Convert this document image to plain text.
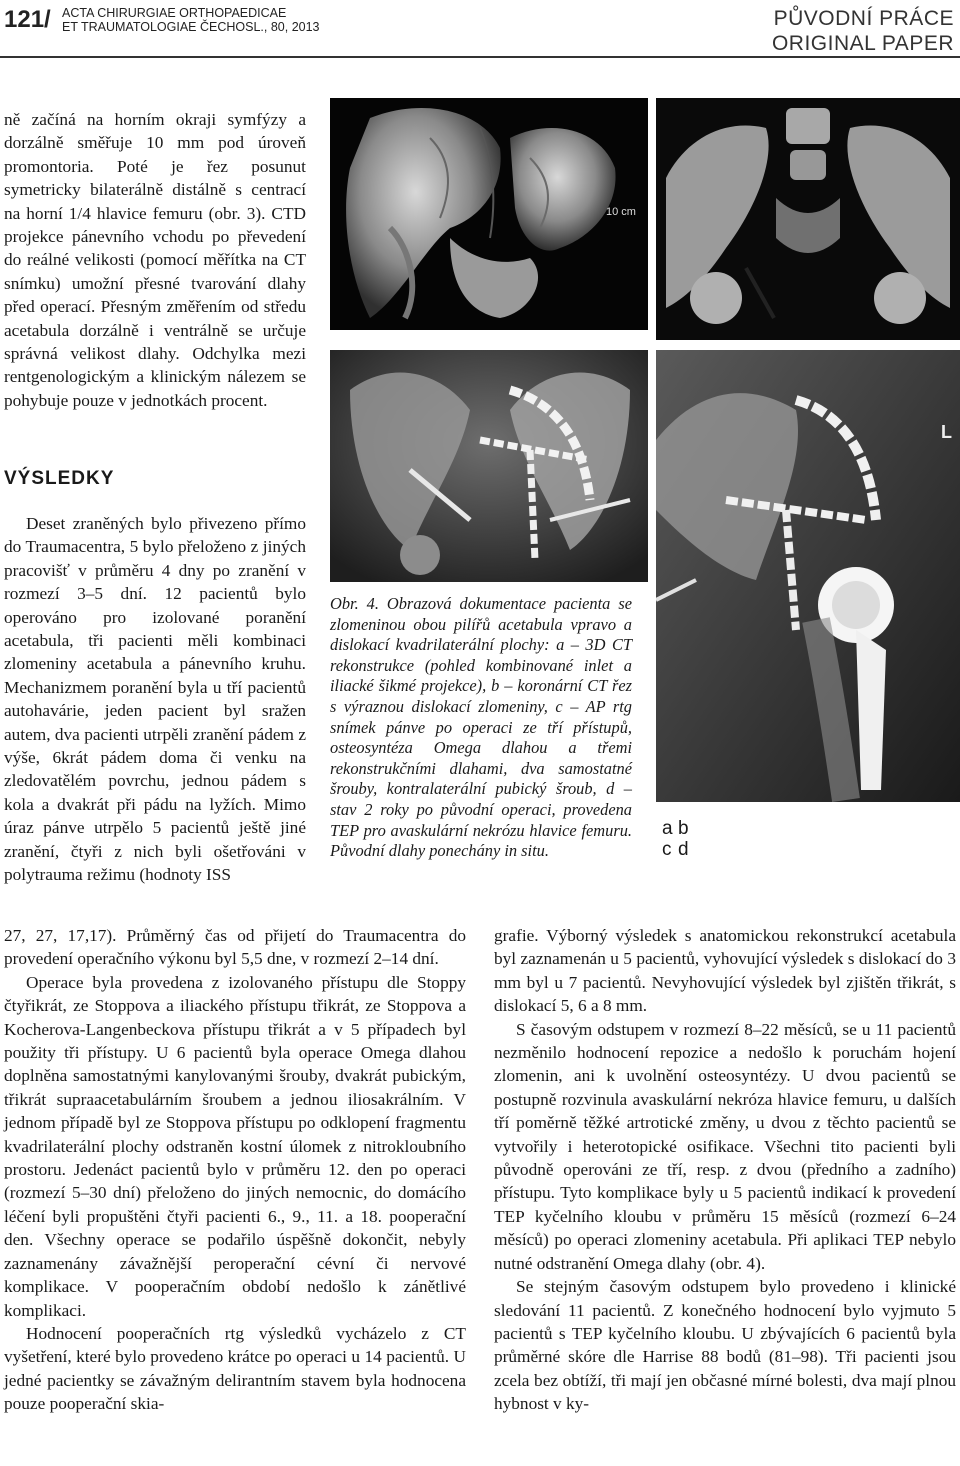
121/ ACTA CHIRURGIAE ORTHOPAEDICAE
ET TRAUMATOLOGIAE ČECHOSL., 80, 2013	PŮVODNÍ PRÁCE
ORIGINAL PAPER

ně začíná na horním okraji symfýzy a dorzálně směřuje 10 mm pod úroveň promontoria. Poté je řez posunut symetricky bilaterálně distálně s centrací na horní 1/4 hlavice femuru (obr. 3). CTD projekce pánevního vchodu po převedení do reálné velikosti (pomocí měřítka na CT snímku) umožní přesné tvarování dlahy před operací. Přesným změřením od středu acetabula dorzálně i ventrálně se určuje správná velikost dlahy. Odchylka mezi rentgenologickým a klinickým nálezem se pohybuje pouze v jednotkách procent.

VÝSLEDKY

Deset zraněných bylo přivezeno přímo do Traumacentra, 5 bylo přeloženo z jiných pracovišť v průměru 4 dny po zranění v rozmezí 3–5 dní. 12 pacientů bylo operováno pro izolované poranění acetabula, tři pacienti měli kombinaci zlomeniny acetabula a pánevního kruhu. Mechanizmem poranění byla u tří pacientů autohavárie, jeden pacient byl sražen autem, dva pacienti utrpěli zranění pádem z výše, 6krát pádem doma či venku na zledovatělém povrchu, jednou pádem s kola a dvakrát při pádu na lyžích. Mimo úraz pánve utrpělo 5 pacientů ještě jiné zranění, čtyři z nich byli ošetřováni v polytrauma režimu (hodnoty ISS

27, 27, 17,17). Průměrný čas od přijetí do Traumacentra do provedení operačního výkonu byl 5,5 dne, v rozmezí 2–14 dní.

Operace byla provedena z izolovaného přístupu dle Stoppy čtyřikrát, ze Stoppova a iliackého přístupu třikrát, ze Stoppova a Kocherova-Langenbeckova přístupu třikrát a v 5 případech byl použity tři přístupy. U 6 pacientů byla operace Omega dlahou doplněna samostatnými kanylovanými šrouby, dvakrát pubickým, třikrát supraacetabulárním šroubem a jednou iliosakrálním. V jednom případě byl ze Stoppova přístupu po odklopení fragmentu kvadrilaterální plochy odstraněn kostní úlomek z nitrokloubního prostoru. Jedenáct pacientů bylo v průměru 12. den po operaci (rozmezí 5–30 dní) přeloženo do jiných nemocnic, do domácího léčení byli propuštěni čtyři pacienti 6., 9., 11. a 18. pooperační den. Všechny operace se podařilo úspěšně dokončit, nebyly zaznamenány závažnější peroperační cévní či nervové komplikace. V pooperačním období nedošlo k zánětlivé komplikaci.

Hodnocení pooperačních rtg výsledků vycházelo z CT vyšetření, které bylo provedeno krátce po operaci u 14 pacientů. U jedné pacientky se závažným delirantním stavem byla hodnocena pouze pooperační skia-

grafie. Výborný výsledek s anatomickou rekonstrukcí acetabula byl zaznamenán u 5 pacientů, vyhovující výsledek s dislokací do 3 mm byl u 7 pacientů. Nevyhovující výsledek byl zjištěn třikrát, s dislokací 5, 6 a 8 mm.

S časovým odstupem v rozmezí 8–22 měsíců, se u 11 pacientů nezměnilo hodnocení repozice a nedošlo k poruchám hojení zlomenin, ani k uvolnění osteosyntézy. U dvou pacientů se postupně rozvinula avaskulární nekróza hlavice femuru, u dalších tří poměrně těžké artrotické změny, u dvou z těchto pacientů se vytvořily i heterotopické osifikace. Všechni tito pacienti byli původně operováni ze tří, resp. z dvou (předního a zadního) přístupu. Tyto komplikace byly u 5 pacientů indikací k provedení TEP kyčelního kloubu v průměru 15 měsíců (rozmezí 6–24 měsíců) po operaci zlomeniny acetabula. Při aplikaci TEP nebylo nutné odstranění Omega dlahy (obr. 4).

Se stejným časovým odstupem bylo provedeno i klinické sledování 11 pacientů. Z konečného hodnocení bylo vyjmuto 5 pacientů s TEP kyčelního kloubu. U zbývajících 6 pacientů byla průměrné skóre dle Harrise 88 bodů (81–98). Tři pacienti jsou zcela bez obtíží, tři mají jen občasné mírné bolesti, dva mají plnou hybnost v ky-

10 cm
L
Obr. 4. Obrazová dokumentace pacienta se zlomeninou obou pilířů acetabula vpravo a dislokací kvadrilaterální plochy: a – 3D CT rekonstrukce (pohled kombinované inlet a iliacké šikmé projekce), b – koronární CT řez s výraznou dislokací zlomeniny, c – AP rtg snímek pánve po operaci ze tří přístupů, osteosyntéza Omega dlahou a třemi rekonstrukčními dlahami, dva samostatné šrouby, kontralaterální pubický šroub, d – stav 2 roky po původní operaci, provedena TEP pro avaskulární nekrózu hlavice femuru. Původní dlahy ponechány in situ.
a b
c d
